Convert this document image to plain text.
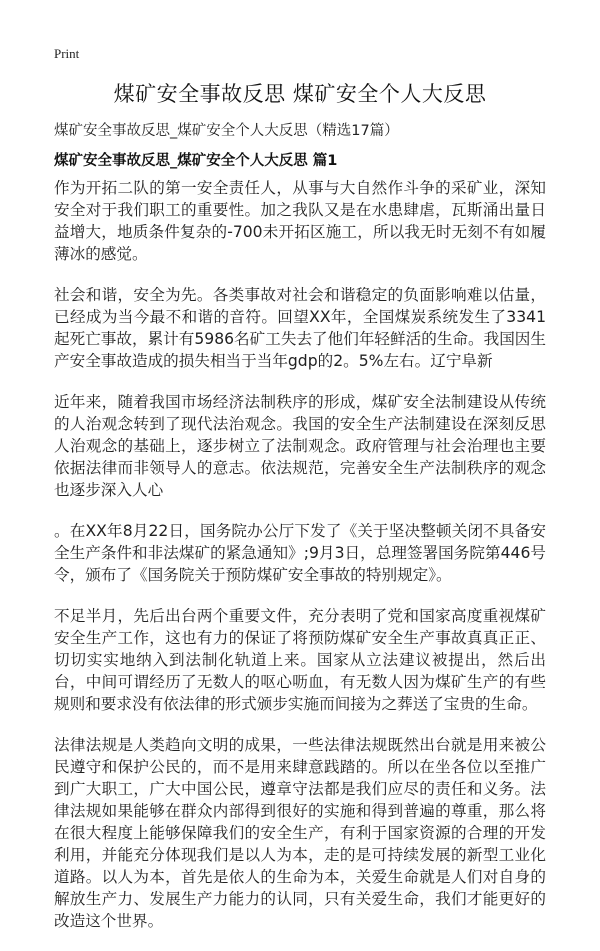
Print
煤矿安全事故反思 煤矿安全个人大反思
煤矿安全事故反思_煤矿安全个人大反思（精选17篇）
煤矿安全事故反思_煤矿安全个人大反思 篇1

作为开拓二队的第一安全责任人，从事与大自然作斗争的采矿业，深知安全对于我们职工的重要性。加之我队又是在水患肆虐，瓦斯涌出量日益增大，地质条件复杂的-700未开拓区施工，所以我无时无刻不有如履薄冰的感觉。

社会和谐，安全为先。各类事故对社会和谐稳定的负面影响难以估量，已经成为当今最不和谐的音符。回望XX年，全国煤炭系统发生了3341起死亡事故，累计有5986名矿工失去了他们年轻鲜活的生命。我国因生产安全事故造成的损失相当于当年gdp的2。5%左右。辽宁阜新

近年来，随着我国市场经济法制秩序的形成，煤矿安全法制建设从传统的人治观念转到了现代法治观念。我国的安全生产法制建设在深刻反思人治观念的基础上，逐步树立了法制观念。政府管理与社会治理也主要依据法律而非领导人的意志。依法规范，完善安全生产法制秩序的观念也逐步深入人心

。在XX年8月22日，国务院办公厅下发了《关于坚决整顿关闭不具备安全生产条件和非法煤矿的紧急通知》;9月3日，总理签署国务院第446号令，颁布了《国务院关于预防煤矿安全事故的特别规定》。

不足半月，先后出台两个重要文件，充分表明了党和国家高度重视煤矿安全生产工作，这也有力的保证了将预防煤矿安全生产事故真真正正、切切实实地纳入到法制化轨道上来。国家从立法建议被提出，然后出台，中间可谓经历了无数人的呕心呖血，有无数人因为煤矿生产的有些规则和要求没有依法律的形式颁步实施而间接为之葬送了宝贵的生命。

法律法规是人类趋向文明的成果，一些法律法规既然出台就是用来被公民遵守和保护公民的，而不是用来肆意践踏的。所以在坐各位以至推广到广大职工，广大中国公民，遵章守法都是我们应尽的责任和义务。法律法规如果能够在群众内部得到很好的实施和得到普遍的尊重，那么将在很大程度上能够保障我们的安全生产，有利于国家资源的合理的开发利用，并能充分体现我们是以人为本，走的是可持续发展的新型工业化道路。以人为本，首先是依人的生命为本，关爱生命就是人们对自身的解放生产力、发展生产力能力的认同，只有关爱生命，我们才能更好的改造这个世界。
